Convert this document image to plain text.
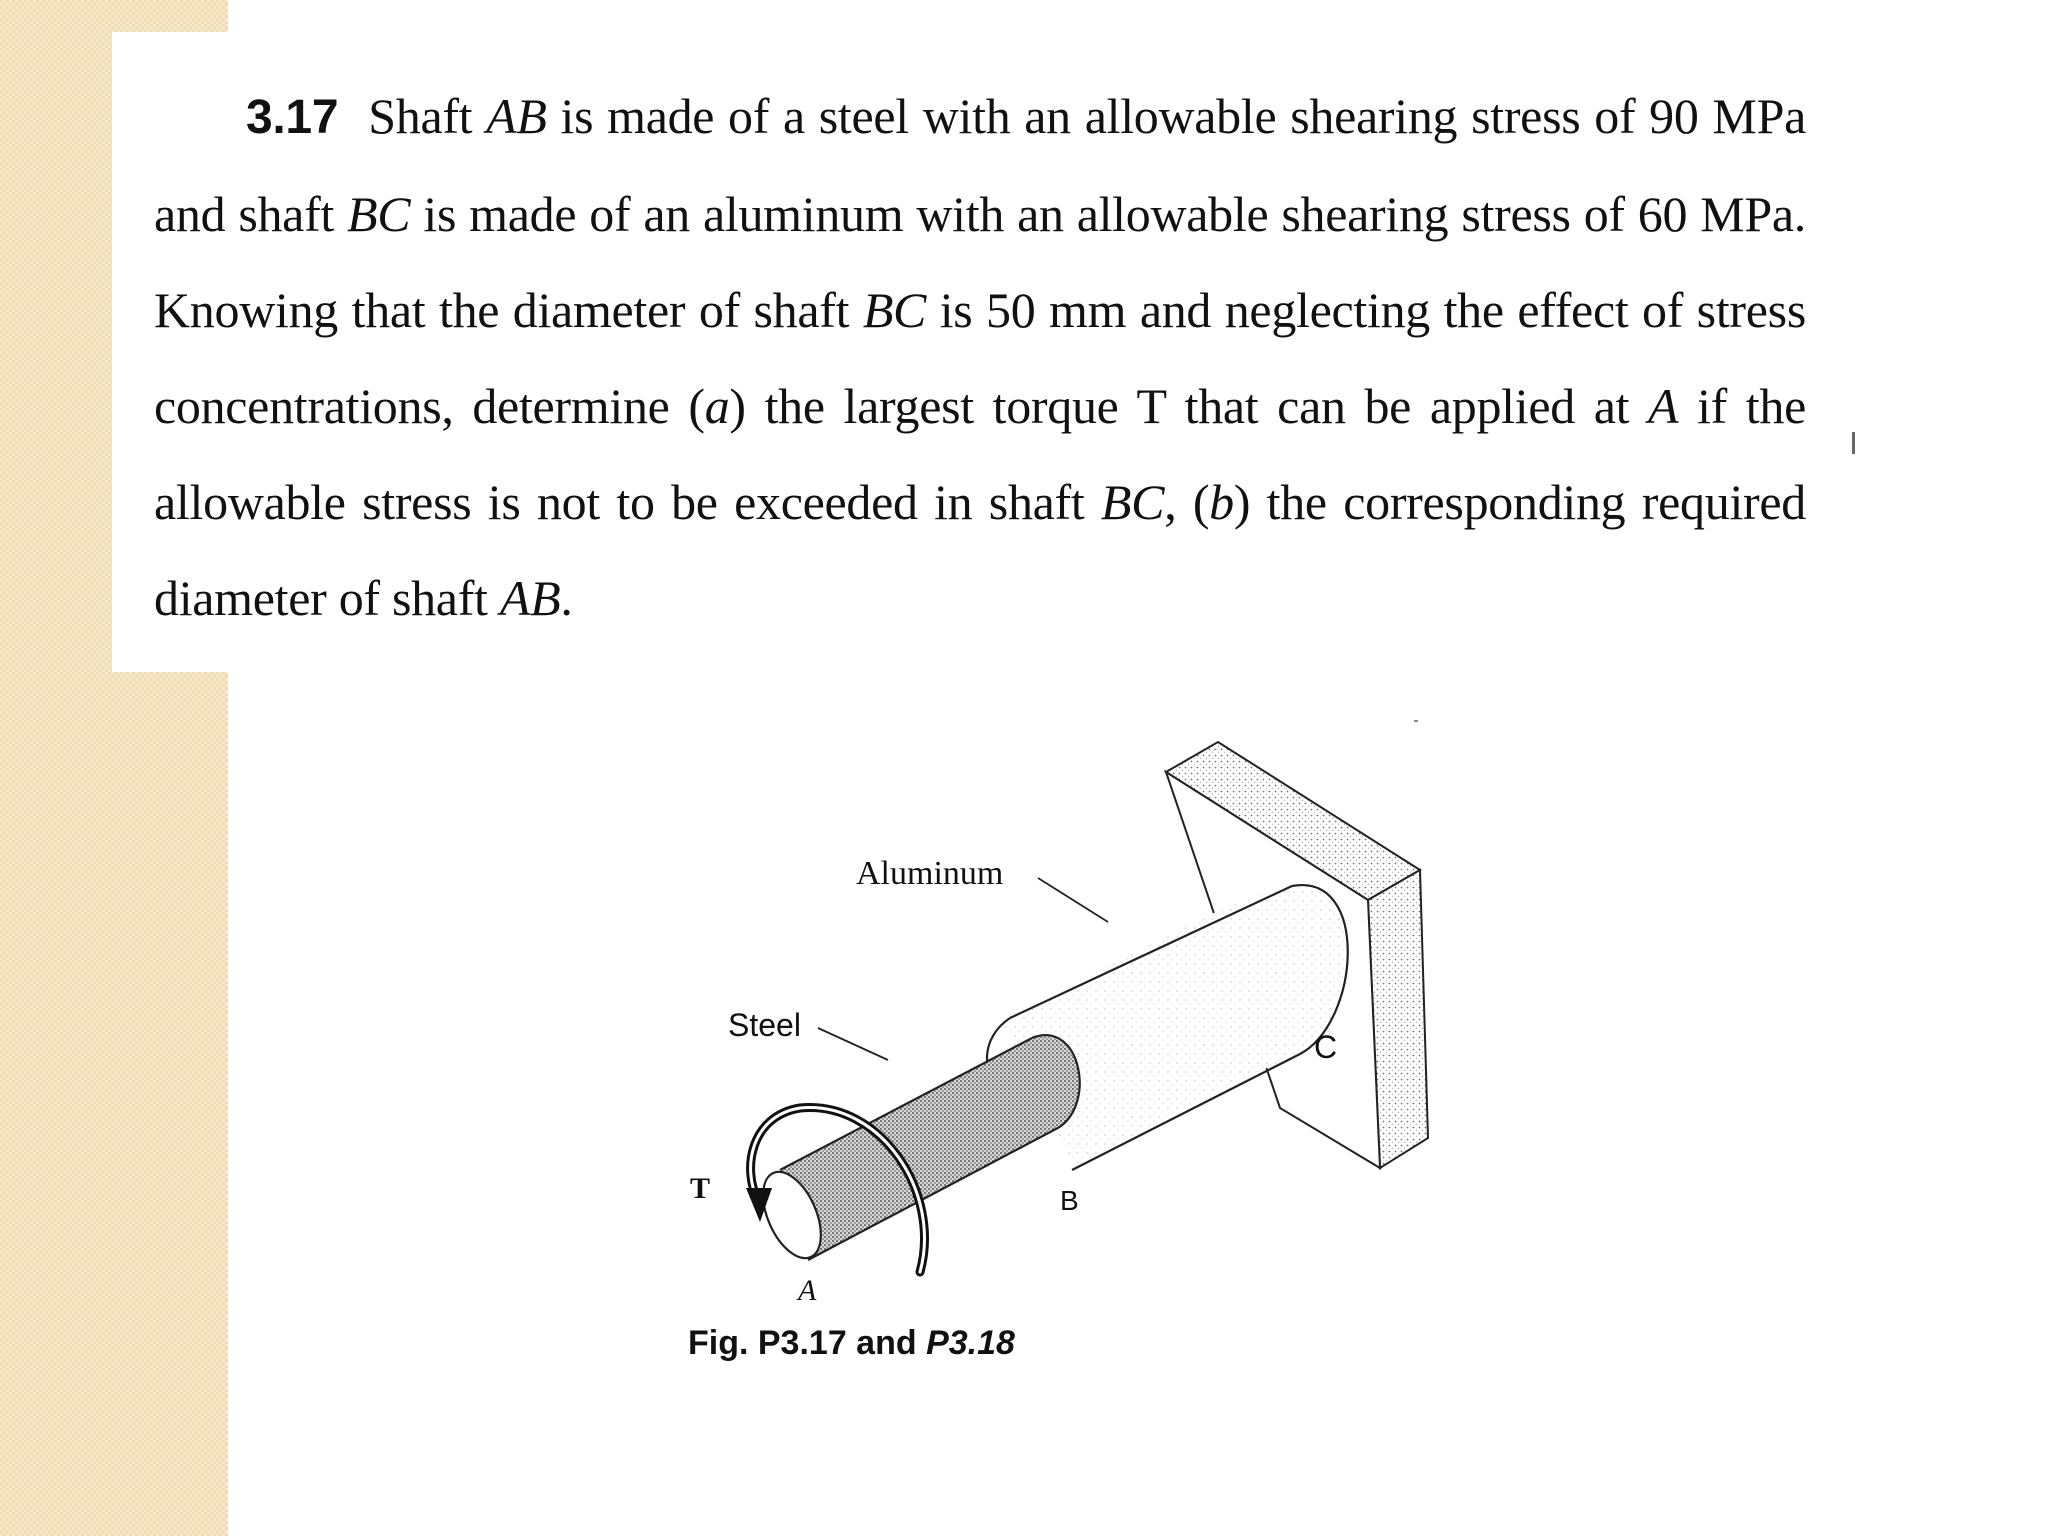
3.17 Shaft AB is made of a steel with an allowable shearing stress of 90 MPa and shaft BC is made of an aluminum with an allowable shearing stress of 60 MPa. Knowing that the diameter of shaft BC is 50 mm and neglecting the effect of stress concentrations, determine (a) the largest torque T that can be applied at A if the allowable stress is not to be exceeded in shaft BC, (b) the corresponding required diameter of shaft AB.
Aluminum
Steel
T
A
B
C
Fig. P3.17 and P3.18
